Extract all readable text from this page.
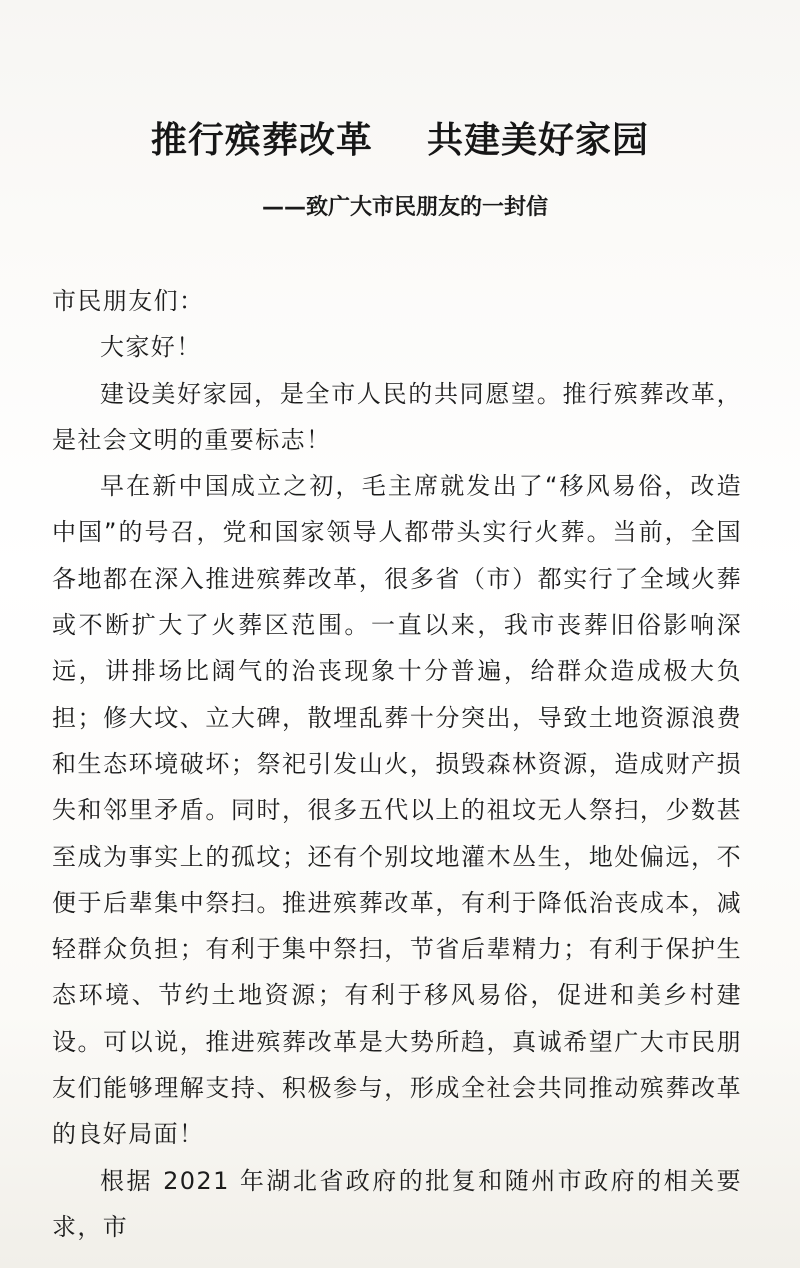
推行殡葬改革    共建美好家园
——致广大市民朋友的一封信

市民朋友们：

大家好！

建设美好家园，是全市人民的共同愿望。推行殡葬改革，是社会文明的重要标志！

早在新中国成立之初，毛主席就发出了“移风易俗，改造中国”的号召，党和国家领导人都带头实行火葬。当前，全国各地都在深入推进殡葬改革，很多省（市）都实行了全域火葬或不断扩大了火葬区范围。一直以来，我市丧葬旧俗影响深远，讲排场比阔气的治丧现象十分普遍，给群众造成极大负担；修大坟、立大碑，散埋乱葬十分突出，导致土地资源浪费和生态环境破坏；祭祀引发山火，损毁森林资源，造成财产损失和邻里矛盾。同时，很多五代以上的祖坟无人祭扫，少数甚至成为事实上的孤坟；还有个别坟地灌木丛生，地处偏远，不便于后辈集中祭扫。推进殡葬改革，有利于降低治丧成本，减轻群众负担；有利于集中祭扫，节省后辈精力；有利于保护生态环境、节约土地资源；有利于移风易俗，促进和美乡村建设。可以说，推进殡葬改革是大势所趋，真诚希望广大市民朋友们能够理解支持、积极参与，形成全社会共同推动殡葬改革的良好局面！

根据 2021 年湖北省政府的批复和随州市政府的相关要求，市
